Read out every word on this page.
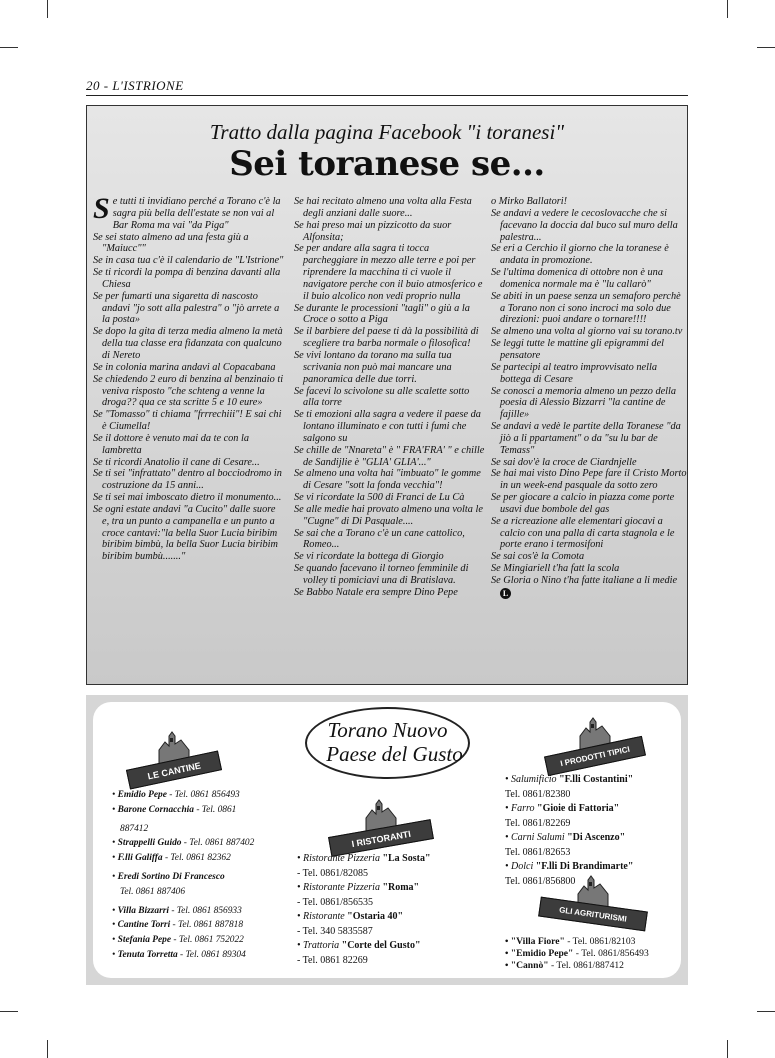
20 - L'ISTRIONE
Tratto dalla pagina Facebook "i toranesi"
Sei toranese se...

Se tutti ti invidiano perché a Torano c'è la sagra più bella dell'estate se non vai al Bar Roma ma vai "da Piga"

Se sei stato almeno ad una festa giù a "Maiucc""

Se in casa tua c'è il calendario de "L'Istrione"

Se ti ricordi la pompa di benzina davanti alla Chiesa

Se per fumarti una sigaretta di nascosto andavi "jo sott alla palestra" o "jò arrete a la posta»

Se dopo la gita di terza media almeno la metà della tua classe era fidanzata con qualcuno di Nereto

Se in colonia marina andavi al Copacabana

Se chiedendo 2 euro di benzina al benzinaio ti veniva risposto "che schteng a venne la droga?? qua ce sta scritte 5 e 10 eure»

Se "Tomasso" ti chiama "frrrechiii"! E sai chi è Ciumella!

Se il dottore è venuto mai da te con la lambretta

Se ti ricordi Anatolio il cane di Cesare...

Se ti sei "infrattato" dentro al bocciodromo in costruzione da 15 anni...

Se ti sei mai imboscato dietro il monumento...

Se ogni estate andavi "a Cucito" dalle suore e, tra un punto a campanella e un punto a croce cantavi:"la bella Suor Lucia biribim biribim bimbù, la bella Suor Lucia biribim biribim bumbù......."

Se hai recitato almeno una volta alla Festa degli anziani dalle suore...

Se hai preso mai un pizzicotto da suor Alfonsita;

Se per andare alla sagra ti tocca parcheggiare in mezzo alle terre e poi per riprendere la macchina ti ci vuole il navigatore perche con il buio atmosferico e il buio alcolico non vedi proprio nulla

Se durante le processioni "tagli" o giù a la Croce o sotto a Piga

Se il barbiere del paese ti dà la possibilità di scegliere tra barba normale o filosofica!

Se vivi lontano da torano ma sulla tua scrivania non può mai mancare una panoramica delle due torri.

Se facevi lo scivolone su alle scalette sotto alla torre

Se ti emozioni alla sagra a vedere il paese da lontano illuminato e con tutti i fumi che salgono su

Se chille de "Nnareta" è " FRA'FRA' " e chille de Sandijlie è "GLIA' GLIA'..."

Se almeno una volta hai "imbuato" le gomme di Cesare "sott la fonda vecchia"!

Se vi ricordate la 500 di Franci de Lu Cà

Se alle medie hai provato almeno una volta le "Cugne" di Di Pasquale....

Se sai che a Torano c'è un cane cattolico, Romeo...

Se vi ricordate la bottega di Giorgio

Se quando facevano il torneo femminile di volley ti pomiciavi una di Bratislava.

Se Babbo Natale era sempre Dino Pepe

o Mirko Ballatori!

Se andavi a vedere le cecoslovacche che si facevano la doccia dal buco sul muro della palestra...

Se eri a Cerchio il giorno che la toranese è andata in promozione.

Se l'ultima domenica di ottobre non è una domenica normale ma è "lu callarò"

Se abiti in un paese senza un semaforo perchè a Torano non ci sono incroci ma solo due direzioni: puoi andare o tornare!!!!

Se almeno una volta al giorno vai su torano.tv

Se leggi tutte le mattine gli epigrammi del pensatore

Se partecipi al teatro improvvisato nella bottega di Cesare

Se conosci a memoria almeno un pezzo della poesia di Alessio Bizzarri "la cantine de fajille»

Se andavi a vedè le partite della Toranese "da jiò a li ppartament" o da "su lu bar de Temass"

Se sai dov'è la croce de Ciardnjelle

Se hai mai visto Dino Pepe fare il Cristo Morto in un week-end pasquale da sotto zero

Se per giocare a calcio in piazza come porte usavi due bombole del gas

Se a ricreazione alle elementari giocavi a calcio con una palla di carta stagnola e le porte erano i termosifoni

Se sai cos'è la Comota

Se Mingiariell t'ha fatt la scola

Se Gloria o Nino t'ha fatte italiane a li medie L

Torano Nuovo
Paese del Gusto
LE CANTINE
I RISTORANTI
I PRODOTTI TIPICI
GLI AGRITURISMI
• Emidio Pepe - Tel. 0861 856493
• Barone Cornacchia - Tel. 0861
887412
• Strappelli Guido - Tel. 0861 887402
• F.lli Galiffa - Tel. 0861 82362
• Eredi Sortino Di Francesco
Tel. 0861 887406
• Villa Bizzarri - Tel. 0861 856933
• Cantine Torri - Tel. 0861 887818
• Stefania Pepe - Tel. 0861 752022
• Tenuta Torretta - Tel. 0861 89304
• Ristorante Pizzeria "La Sosta"
- Tel. 0861/82085
• Ristorante Pizzeria "Roma"
- Tel. 0861/856535
• Ristorante "Ostaria 40"
- Tel. 340 5835587
• Trattoria "Corte del Gusto"
- Tel. 0861 82269
• Salumificio "F.lli Costantini"
Tel. 0861/82380
• Farro "Gioie di Fattoria"
Tel. 0861/82269
• Carni Salumi "Di Ascenzo"
Tel. 0861/82653
• Dolci "F.lli Di Brandimarte"
Tel. 0861/856800
• "Villa Fiore" - Tel. 0861/82103
• "Emidio Pepe" - Tel. 0861/856493
• "Cannò" - Tel. 0861/887412
